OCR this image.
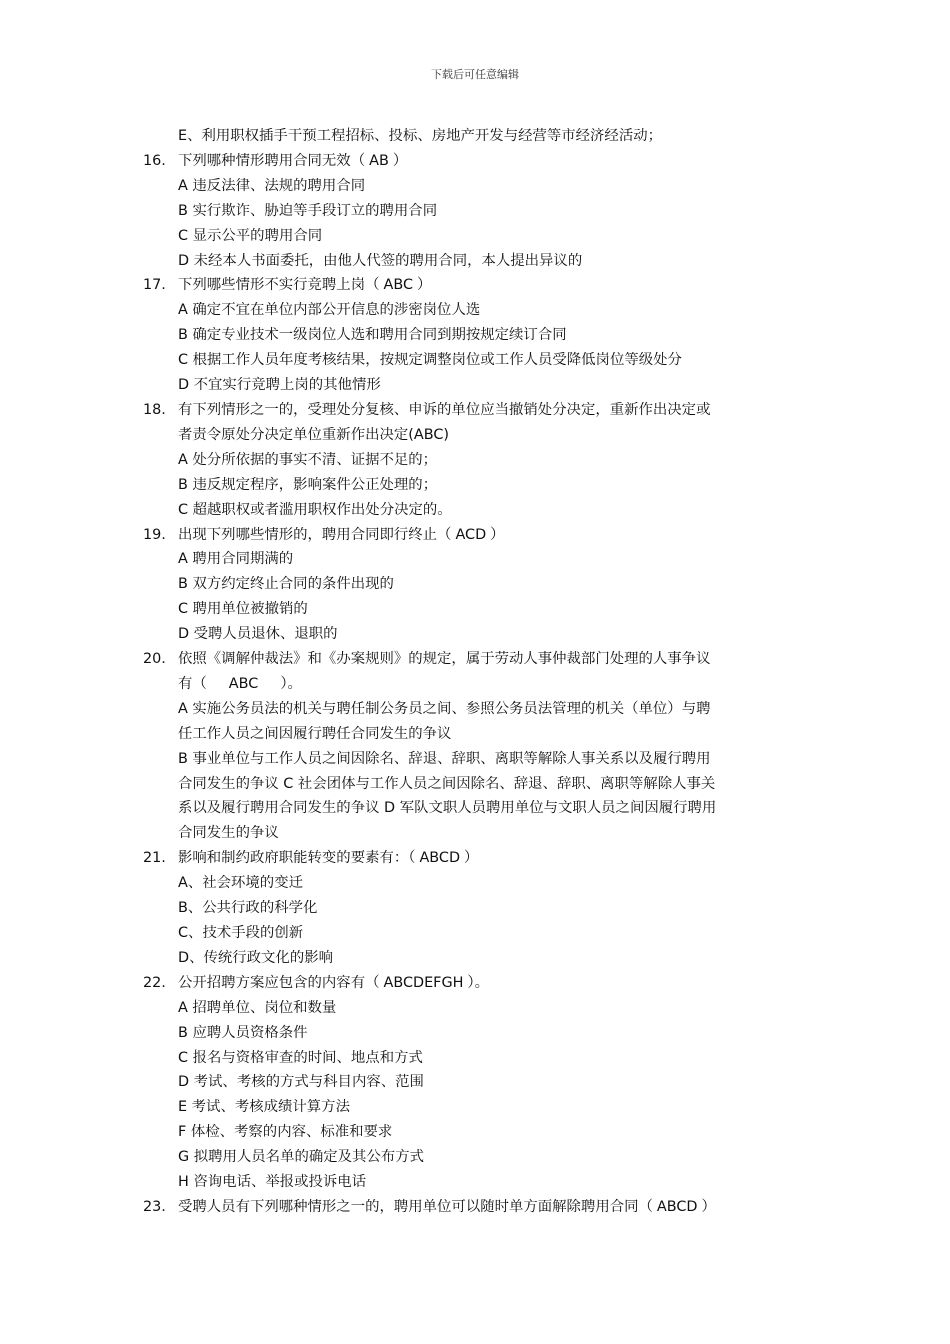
下载后可任意编辑
E、利用职权插手干预工程招标、投标、房地产开发与经营等市经济经活动；
16. 下列哪种情形聘用合同无效（ AB ）
A 违反法律、法规的聘用合同
B 实行欺诈、胁迫等手段订立的聘用合同
C 显示公平的聘用合同
D 未经本人书面委托，由他人代签的聘用合同，本人提出异议的
17. 下列哪些情形不实行竞聘上岗（ ABC ）
A 确定不宜在单位内部公开信息的涉密岗位人选
B 确定专业技术一级岗位人选和聘用合同到期按规定续订合同
C 根据工作人员年度考核结果，按规定调整岗位或工作人员受降低岗位等级处分
D 不宜实行竞聘上岗的其他情形
18. 有下列情形之一的，受理处分复核、申诉的单位应当撤销处分决定，重新作出决定或
者责令原处分决定单位重新作出决定(ABC)
A 处分所依据的事实不清、证据不足的；
B 违反规定程序，影响案件公正处理的；
C 超越职权或者滥用职权作出处分决定的。
19. 出现下列哪些情形的，聘用合同即行终止（ ACD ）
A 聘用合同期满的
B 双方约定终止合同的条件出现的
C 聘用单位被撤销的
D 受聘人员退休、退职的
20. 依照《调解仲裁法》和《办案规则》的规定，属于劳动人事仲裁部门处理的人事争议
有（ ABC ）。
A 实施公务员法的机关与聘任制公务员之间、参照公务员法管理的机关（单位）与聘
任工作人员之间因履行聘任合同发生的争议
B 事业单位与工作人员之间因除名、辞退、辞职、离职等解除人事关系以及履行聘用
合同发生的争议 C 社会团体与工作人员之间因除名、辞退、辞职、离职等解除人事关
系以及履行聘用合同发生的争议 D 军队文职人员聘用单位与文职人员之间因履行聘用
合同发生的争议
21. 影响和制约政府职能转变的要素有：（ ABCD ）
A、社会环境的变迁
B、公共行政的科学化
C、技术手段的创新
D、传统行政文化的影响
22. 公开招聘方案应包含的内容有（ ABCDEFGH ）。
A 招聘单位、岗位和数量
B 应聘人员资格条件
C 报名与资格审查的时间、地点和方式
D 考试、考核的方式与科目内容、范围
E 考试、考核成绩计算方法
F 体检、考察的内容、标准和要求
G 拟聘用人员名单的确定及其公布方式
H 咨询电话、举报或投诉电话
23. 受聘人员有下列哪种情形之一的，聘用单位可以随时单方面解除聘用合同（ ABCD ）
